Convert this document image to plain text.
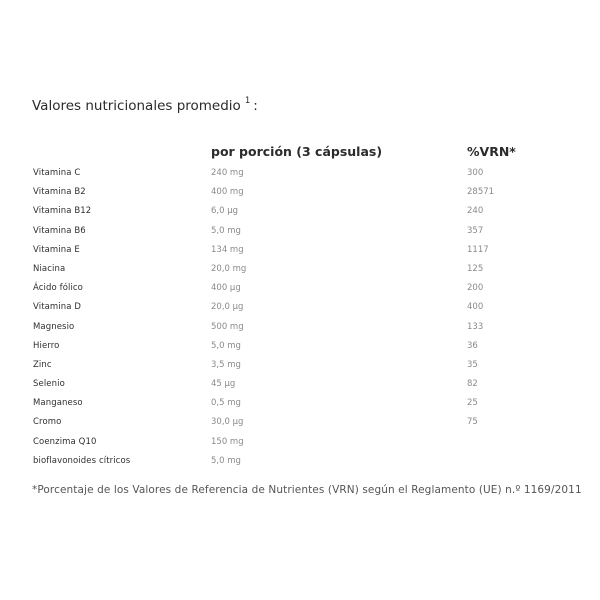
Valores nutricionales promedio $^1$ :
por porción (3 cápsulas)	%VRN*
Vitamina C	240 mg	300
Vitamina B2	400 mg	28571
Vitamina B12	6,0 µg	240
Vitamina B6	5,0 mg	357
Vitamina E	134 mg	1117
Niacina	20,0 mg	125
Ácido fólico	400 µg	200
Vitamina D	20,0 µg	400
Magnesio	500 mg	133
Hierro	5,0 mg	36
Zinc	3,5 mg	35
Selenio	45 µg	82
Manganeso	0,5 mg	25
Cromo	30,0 µg	75
Coenzima Q10	150 mg
bioflavonoides cítricos	5,0 mg
*Porcentaje de los Valores de Referencia de Nutrientes (VRN) según el Reglamento (UE) n.º 1169/2011
